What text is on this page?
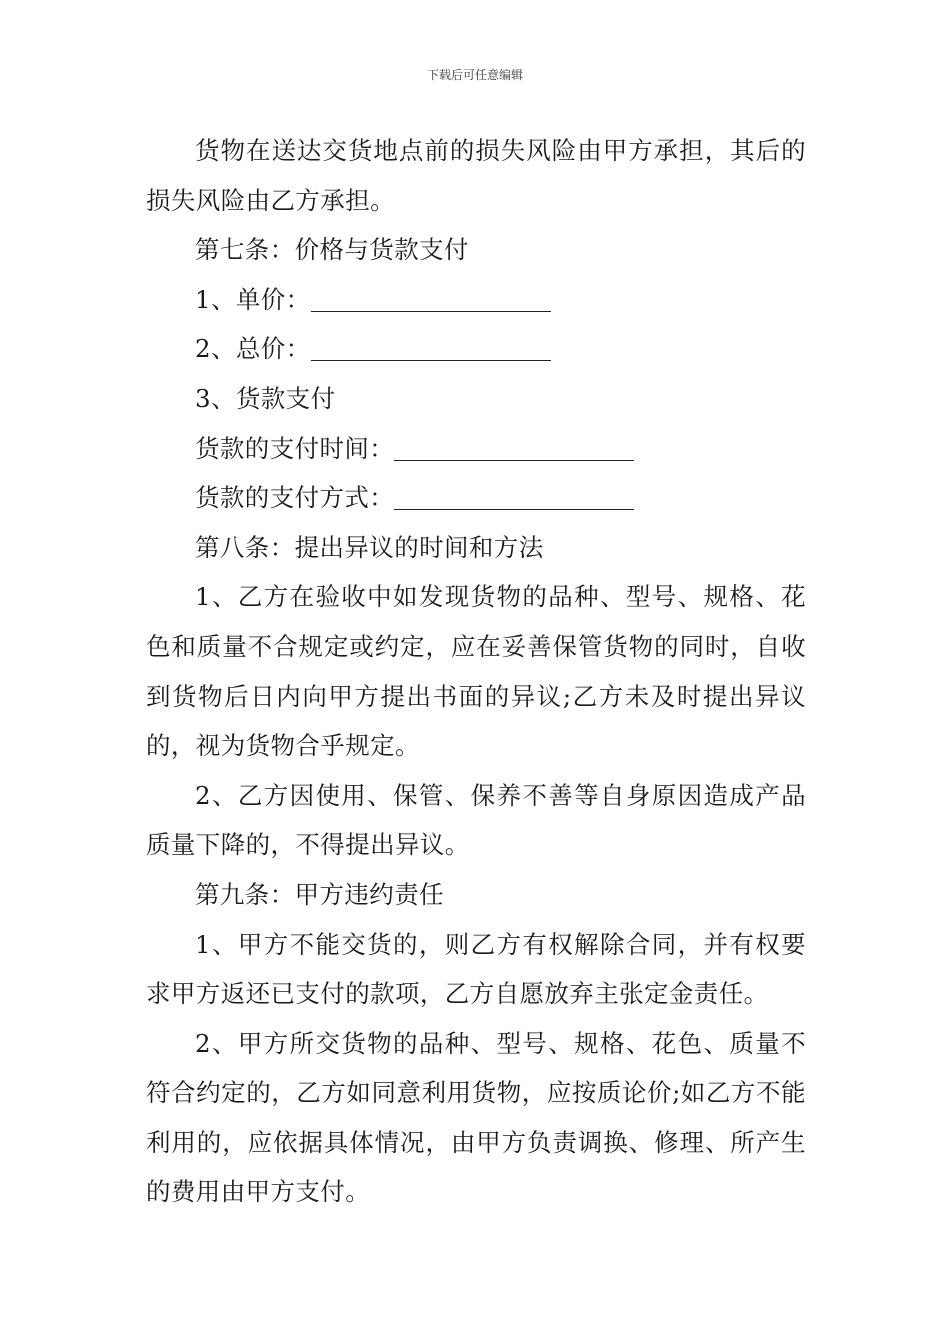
下载后可任意编辑

货物在送达交货地点前的损失风险由甲方承担，其后的损失风险由乙方承担。

第七条：价格与货款支付

1、单价：

2、总价：

3、货款支付

货款的支付时间：

货款的支付方式：

第八条：提出异议的时间和方法

1、乙方在验收中如发现货物的品种、型号、规格、花色和质量不合规定或约定，应在妥善保管货物的同时，自收到货物后日内向甲方提出书面的异议;乙方未及时提出异议的，视为货物合乎规定。

2、乙方因使用、保管、保养不善等自身原因造成产品质量下降的，不得提出异议。

第九条：甲方违约责任

1、甲方不能交货的，则乙方有权解除合同，并有权要求甲方返还已支付的款项，乙方自愿放弃主张定金责任。

2、甲方所交货物的品种、型号、规格、花色、质量不符合约定的，乙方如同意利用货物，应按质论价;如乙方不能利用的，应依据具体情况，由甲方负责调换、修理、所产生的费用由甲方支付。
